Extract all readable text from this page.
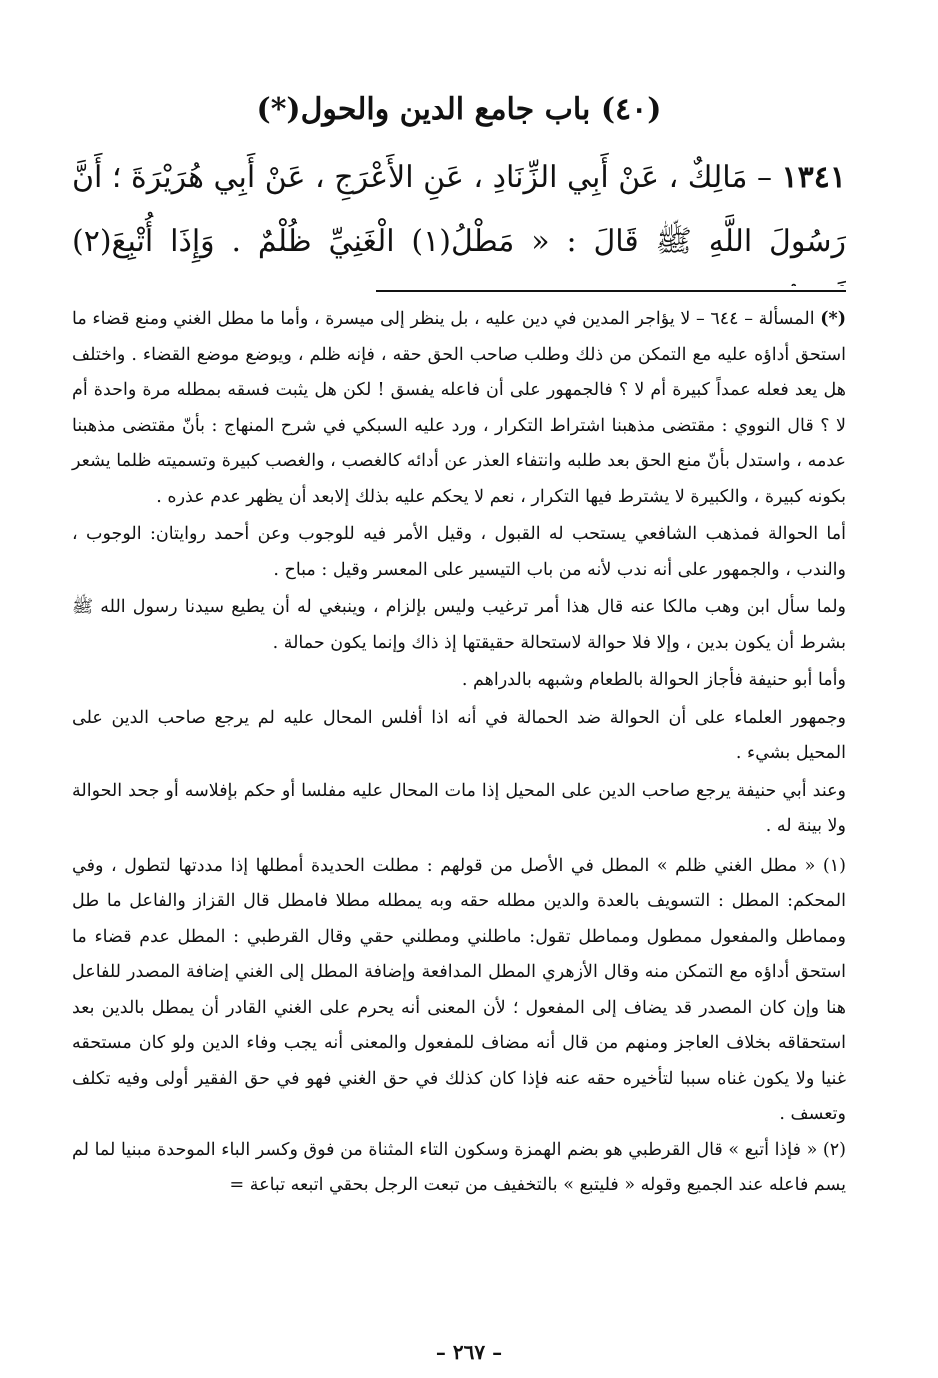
(٤٠) باب جامع الدين والحول(*)
١٣٤١ – مَالِكٌ ، عَنْ أَبِي الزِّنَادِ ، عَنِ الأَعْرَجِ ، عَنْ أَبِي هُرَيْرَةَ ؛ أَنَّ رَسُولَ اللَّهِ ﷺ قَالَ : « مَطْلُ(١) الْغَنِيِّ ظُلْمٌ . وَإِذَا أُتْبِعَ(٢)

(*) المسألة – ٦٤٤ – لا يؤاجر المدين في دين عليه ، بل ينظر إلى ميسرة ، وأما ما مطل الغني ومنع قضاء ما استحق أداؤه عليه مع التمكن من ذلك وطلب صاحب الحق حقه ، فإنه ظلم ، ويوضع موضع القضاء . واختلف هل يعد فعله عمداً كبيرة أم لا ؟ فالجمهور على أن فاعله يفسق ! لكن هل يثبت فسقه بمطله مرة واحدة أم لا ؟ قال النووي : مقتضى مذهبنا اشتراط التكرار ، ورد عليه السبكي في شرح المنهاج : بأنّ مقتضى مذهبنا عدمه ، واستدل بأنّ منع الحق بعد طلبه وانتفاء العذر عن أدائه كالغصب ، والغصب كبيرة وتسميته ظلما يشعر بكونه كبيرة ، والكبيرة لا يشترط فيها التكرار ، نعم لا يحكم عليه بذلك إلابعد أن يظهر عدم عذره .

أما الحوالة فمذهب الشافعي يستحب له القبول ، وقيل الأمر فيه للوجوب وعن أحمد روايتان: الوجوب ، والندب ، والجمهور على أنه ندب لأنه من باب التيسير على المعسر وقيل : مباح .

ولما سأل ابن وهب مالكا عنه قال هذا أمر ترغيب وليس بإلزام ، وينبغي له أن يطيع سيدنا رسول الله ﷺ بشرط أن يكون بدين ، وإلا فلا حوالة لاستحالة حقيقتها إذ ذاك وإنما يكون حمالة .

وأما أبو حنيفة فأجاز الحوالة بالطعام وشبهه بالدراهم .

وجمهور العلماء على أن الحوالة ضد الحمالة في أنه اذا أفلس المحال عليه لم يرجع صاحب الدين على المحيل بشيء .

وعند أبي حنيفة يرجع صاحب الدين على المحيل إذا مات المحال عليه مفلسا أو حكم بإفلاسه أو جحد الحوالة ولا بينة له .

(١) « مطل الغني ظلم » المطل في الأصل من قولهم : مطلت الحديدة أمطلها إذا مددتها لتطول ، وفي المحكم: المطل : التسويف بالعدة والدين مطله حقه وبه يمطله مطلا فامطل قال القزاز والفاعل ما طل ومماطل والمفعول ممطول ومماطل تقول: ماطلني ومطلني حقي وقال القرطبي : المطل عدم قضاء ما استحق أداؤه مع التمكن منه وقال الأزهري المطل المدافعة وإضافة المطل إلى الغني إضافة المصدر للفاعل هنا وإن كان المصدر قد يضاف إلى المفعول ؛ لأن المعنى أنه يحرم على الغني القادر أن يمطل بالدين بعد استحقاقه بخلاف العاجز ومنهم من قال أنه مضاف للمفعول والمعنى أنه يجب وفاء الدين ولو كان مستحقه غنيا ولا يكون غناه سببا لتأخيره حقه عنه فإذا كان كذلك في حق الغني فهو في حق الفقير أولى وفيه تكلف وتعسف .

(٢) « فإذا أتبع » قال القرطبي هو بضم الهمزة وسكون التاء المثناة من فوق وكسر الباء الموحدة مبنيا لما لم يسم فاعله عند الجميع وقوله « فليتبع » بالتخفيف من تبعت الرجل بحقي اتبعه تباعة =

– ٢٦٧ –
